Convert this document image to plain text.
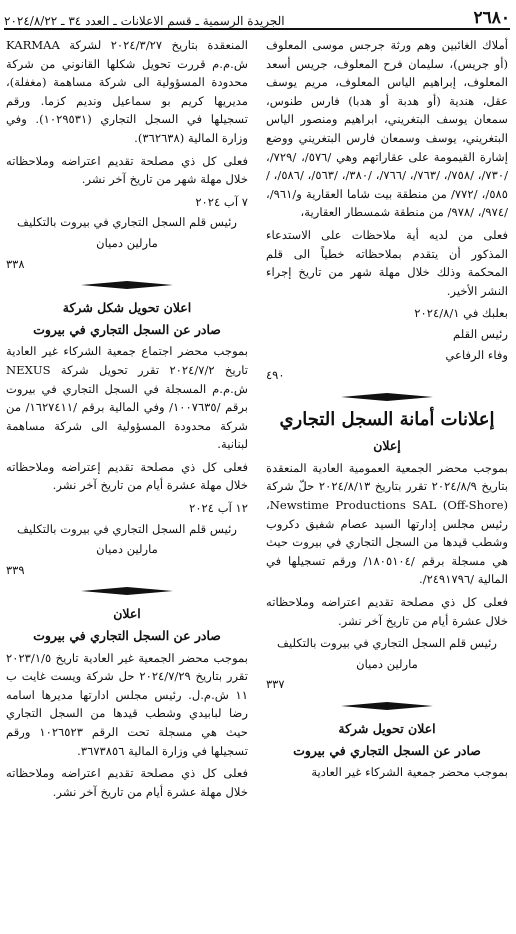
٢٦٨٠
الجريدة الرسمية ـ قسم الاعلانات ـ العدد ٣٤ ـ ٢٠٢٤/٨/٢٢

أملاك الغائبين وهم ورثة جرجس موسى المعلوف (أو جريس)، سليمان فرح المعلوف، جريس أسعد المعلوف، إبراهيم الياس المعلوف، مريم يوسف عقل، هندية (أو هدبة أو هدبا) فارس طنوس، سمعان يوسف البتغريني، ابراهيم ومنصور الياس البتغريني، يوسف وسمعان فارس البتغريني ووضع إشارة القيمومة على عقاراتهم وهي /٥٧٦/، /٧٢٩/، /٧٣٠/، /٧٥٨/، /٧٦٣/، /٧٦٦/، /٣٨٠/، /٥٦٣/، /٥٨٦/، /٥٨٥/، /٧٧٢/ من منطقة بيت شاما العقارية و/٩٦١/، /٩٧٤/، /٩٧٨/ من منطقة شمسطار العقارية،

فعلى من لديه أية ملاحظات على الاستدعاء المذكور أن يتقدم بملاحظاته خطياً الى قلم المحكمة وذلك خلال مهلة شهر من تاريخ إجراء النشر الأخير.

بعلبك في ٢٠٢٤/٨/١

رئيس القلم

وفاء الرفاعي

٤٩٠
إعلانات أمانة السجل التجاري
إعلان

بموجب محضر الجمعية العمومية العادية المنعقدة بتاريخ ٢٠٢٤/٨/٩ تقرر بتاريخ ٢٠٢٤/٨/١٣ حلّ شركة Newstime Productions SAL (Off-Shore)، رئيس مجلس إدارتها السيد عصام شفيق دكروب وشطب قيدها من السجل التجاري في بيروت حيث هي مسجلة برقم /١٨٠٥١٠٤/ ورقم تسجيلها في المالية /٢٤٩١٧٩٦/.

فعلى كل ذي مصلحة تقديم اعتراضه وملاحظاته خلال عشرة أيام من تاريخ آخر نشر.

رئيس قلم السجل التجاري في بيروت بالتكليف

مارلين دميان

٣٣٧
اعلان تحويل شركة
صادر عن السجل التجاري في بيروت

بموجب محضر جمعية الشركاء غير العادية

المنعقدة بتاريخ ٢٠٢٤/٣/٢٧ لشركة KARMAA ش.م.م قررت تحويل شكلها القانوني من شركة محدودة المسؤولية الى شركة مساهمة (مغفلة)، مديريها كريم بو سماعيل وندیم كزما. ورقم تسجيلها في السجل التجاري (١٠٢٩٥٣١). وفي وزارة المالية (٣٦٢٦٣٨).

فعلى كل ذي مصلحة تقديم اعتراضه وملاحظاته خلال مهلة شهر من تاريخ آخر نشر.

٧ آب ٢٠٢٤

رئيس قلم السجل التجاري في بيروت بالتكليف

مارلين دميان

٣٣٨
اعلان تحويل شكل شركة
صادر عن السجل التجاري في بيروت

بموجب محضر اجتماع جمعية الشركاء غير العادية تاريخ ٢٠٢٤/٧/٢ تقرر تحويل شركة NEXUS ش.م.م المسجلة في السجل التجاري في بيروت برقم /١٠٠٧٦٣٥/ وفي المالية برقم /١٦٢٧٤١١/ من شركة محدودة المسؤولية الى شركة مساهمة لبنانية.

فعلى كل ذي مصلحة تقديم إعتراضه وملاحظاته خلال مهلة عشرة أيام من تاريخ آخر نشر.

١٢ آب ٢٠٢٤

رئيس قلم السجل التجاري في بيروت بالتكليف

مارلين دميان

٣٣٩
اعلان
صادر عن السجل التجاري في بيروت

بموجب محضر الجمعية غير العادية تاريخ ٢٠٢٣/١/٥ تقرر بتاريخ ٢٠٢٤/٧/٢٩ حل شركة ويست غايت ب ١١ ش.م.ل. رئيس مجلس ادارتها مديرها اسامه رضا لبابيدي وشطب قيدها من السجل التجاري حيث هي مسجلة تحت الرقم ١٠٢٦٥٢٣ ورقم تسجيلها في وزارة المالية ٣٦٧٣٨٥٦.

فعلى كل ذي مصلحة تقديم اعتراضه وملاحظاته خلال مهلة عشرة أيام من تاريخ آخر نشر.
